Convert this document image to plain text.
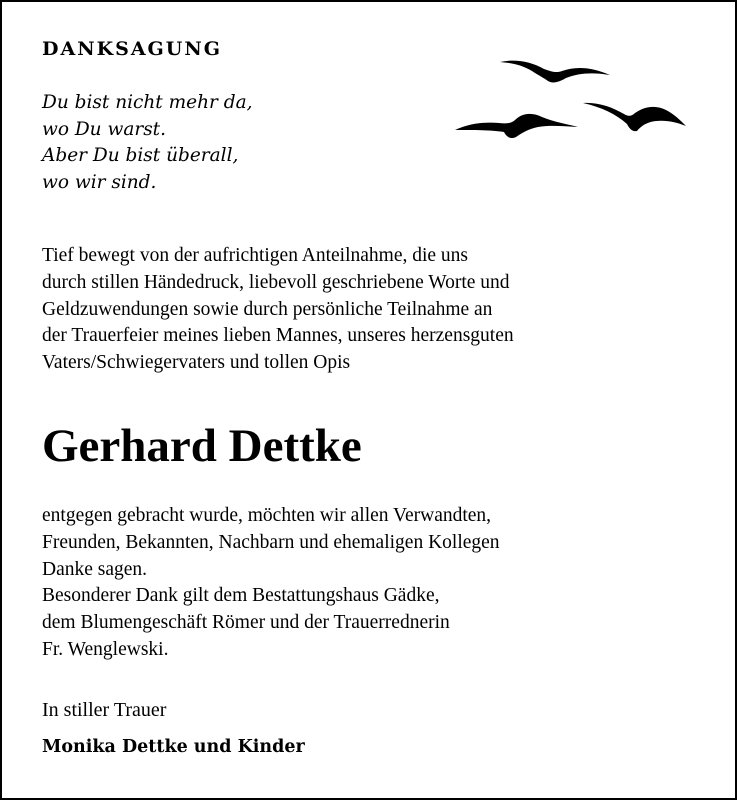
DANKSAGUNG
Du bist nicht mehr da,
wo Du warst.
Aber Du bist überall,
wo wir sind.
Tief bewegt von der aufrichtigen Anteilnahme, die uns
durch stillen Händedruck, liebevoll geschriebene Worte und
Geldzuwendungen sowie durch persönliche Teilnahme an
der Trauerfeier meines lieben Mannes, unseres herzensguten
Vaters/Schwiegervaters und tollen Opis
Gerhard Dettke
entgegen gebracht wurde, möchten wir allen Verwandten,
Freunden, Bekannten, Nachbarn und ehemaligen Kollegen
Danke sagen.
Besonderer Dank gilt dem Bestattungshaus Gädke,
dem Blumengeschäft Römer und der Trauerrednerin
Fr. Wenglewski.
In stiller Trauer
Monika Dettke und Kinder
